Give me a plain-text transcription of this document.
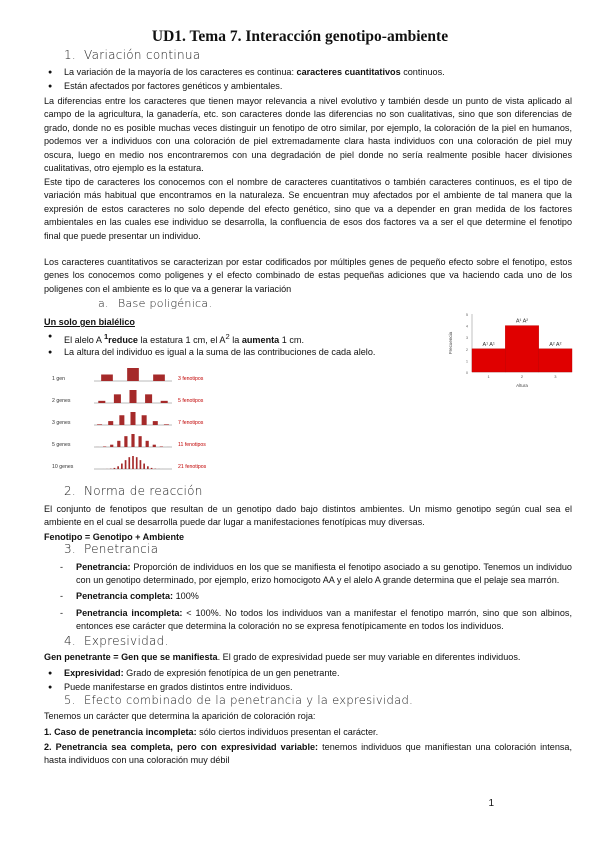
UD1. Tema 7. Interacción genotipo-ambiente
1. Variación continua
● La variación de la mayoría de los caracteres es continua: caracteres cuantitativos continuos.
● Están afectados por factores genéticos y ambientales.
La diferencias entre los caracteres que tienen mayor relevancia a nivel evolutivo y también desde un punto de vista aplicado al campo de la agricultura, la ganadería, etc. son caracteres donde las diferencias no son cualitativas, sino que son diferencias de grado, donde no es posible muchas veces distinguir un fenotipo de otro similar, por ejemplo, la coloración de la piel en humanos, podemos ver a individuos con una coloración de piel extremadamente clara hasta individuos con una coloración de piel muy oscura, luego en medio nos encontraremos con una degradación de piel donde no sería realmente posible hacer divisiones cualitativas, otro ejemplo es la estatura.
Este tipo de caracteres los conocemos con el nombre de caracteres cuantitativos o también caracteres continuos, es el tipo de variación más habitual que encontramos en la naturaleza. Se encuentran muy afectados por el ambiente de tal manera que la expresión de estos caracteres no solo depende del efecto genético, sino que va a depender en gran medida de los factores ambientales en las cuales ese individuo se desarrolla, la confluencia de esos dos factores va a ser el que determine el fenotipo final que puede presentar un individuo.
Los caracteres cuantitativos se caracterizan por estar codificados por múltiples genes de pequeño efecto sobre el fenotipo, estos genes los conocemos como poligenes y el efecto combinado de estas pequeñas adiciones que va haciendo cada uno de los poligenes con el ambiente es lo que va a generar la variación
a. Base poligénica.
Un solo gen bialélico
● El alelo A $^1$reduce la estatura 1 cm, el $A^2$ la aumenta 1 cm.
● La altura del individuo es igual a la suma de las contribuciones de cada alelo.
0
1
2
3
4
5
A¹ A¹
1
A¹ A²
2
A² A²
3
Altura
Frecuencia
1 gen	3 fenotipos
2 genes	5 fenotipos
3 genes	7 fenotipos
5 genes	11 fenotipos
10 genes	21 fenotipos
2. Norma de reacción
El conjunto de fenotipos que resultan de un genotipo dado bajo distintos ambientes. Un mismo genotipo según cual sea el ambiente en el cual se desarrolla puede dar lugar a manifestaciones fenotípicas muy diversas.
Fenotipo = Genotipo + Ambiente
3. Penetrancia
- Penetrancia: Proporción de individuos en los que se manifiesta el fenotipo asociado a su genotipo. Tenemos un individuo con un genotipo determinado, por ejemplo, erizo homocigoto AA y el alelo A grande determina que el pelaje sea marrón.
- Penetrancia completa: 100%
- Penetrancia incompleta: < 100%. No todos los individuos van a manifestar el fenotipo marrón, sino que son albinos, entonces ese carácter que determina la coloración no se expresa fenotípicamente en todos los individuos.
4. Expresividad.
Gen penetrante = Gen que se manifiesta. El grado de expresividad puede ser muy variable en diferentes individuos.
● Expresividad: Grado de expresión fenotípica de un gen penetrante.
● Puede manifestarse en grados distintos entre individuos.
5. Efecto combinado de la penetrancia y la expresividad.
Tenemos un carácter que determina la aparición de coloración roja:
1. Caso de penetrancia incompleta: sólo ciertos individuos presentan el carácter.
2. Penetrancia sea completa, pero con expresividad variable: tenemos individuos que manifiestan una coloración intensa, hasta individuos con una coloración muy débil
1
